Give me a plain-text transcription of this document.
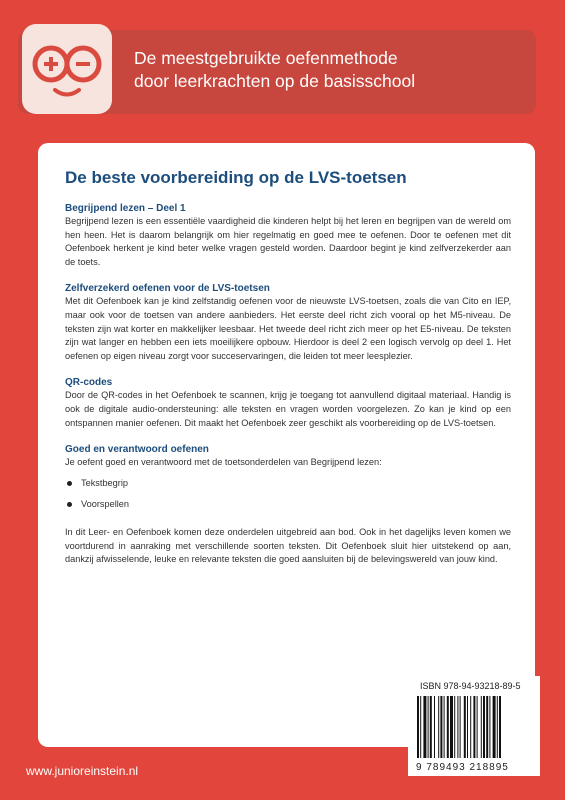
De meestgebruikte oefenmethode
door leerkrachten op de basisschool
De beste voorbereiding op de LVS-toetsen

Begrijpend lezen – Deel 1

Begrijpend lezen is een essentiële vaardigheid die kinderen helpt bij het leren en begrijpen van de wereld om hen heen. Het is daarom belangrijk om hier regelmatig en goed mee te oefenen. Door te oefenen met dit Oefenboek herkent je kind beter welke vragen gesteld worden. Daardoor begint je kind zelfverzekerder aan de toets.

Zelfverzekerd oefenen voor de LVS-toetsen

Met dit Oefenboek kan je kind zelfstandig oefenen voor de nieuwste LVS-toetsen, zoals die van Cito en IEP, maar ook voor de toetsen van andere aanbieders. Het eerste deel richt zich vooral op het M5-niveau. De teksten zijn wat korter en makkelijker leesbaar. Het tweede deel richt zich meer op het E5-niveau. De teksten zijn wat langer en hebben een iets moeilijkere opbouw. Hierdoor is deel 2 een logisch vervolg op deel 1. Het oefenen op eigen niveau zorgt voor succeservaringen, die leiden tot meer leesplezier.

QR-codes

Door de QR-codes in het Oefenboek te scannen, krijg je toegang tot aanvullend digitaal materiaal. Handig is ook de digitale audio-ondersteuning: alle teksten en vragen worden voorgelezen. Zo kan je kind op een ontspannen manier oefenen. Dit maakt het Oefenboek zeer geschikt als voorbereiding op de LVS-toetsen.

Goed en verantwoord oefenen

Je oefent goed en verantwoord met de toetsonderdelen van Begrijpend lezen:

Tekstbegrip
Voorspellen

In dit Leer- en Oefenboek komen deze onderdelen uitgebreid aan bod. Ook in het dagelijks leven komen we voortdurend in aanraking met verschillende soorten teksten. Dit Oefenboek sluit hier uitstekend op aan, dankzij afwisselende, leuke en relevante teksten die goed aansluiten bij de belevingswereld van jouw kind.

ISBN 978-94-93218-89-5
9 789493 218895
www.junioreinstein.nl
